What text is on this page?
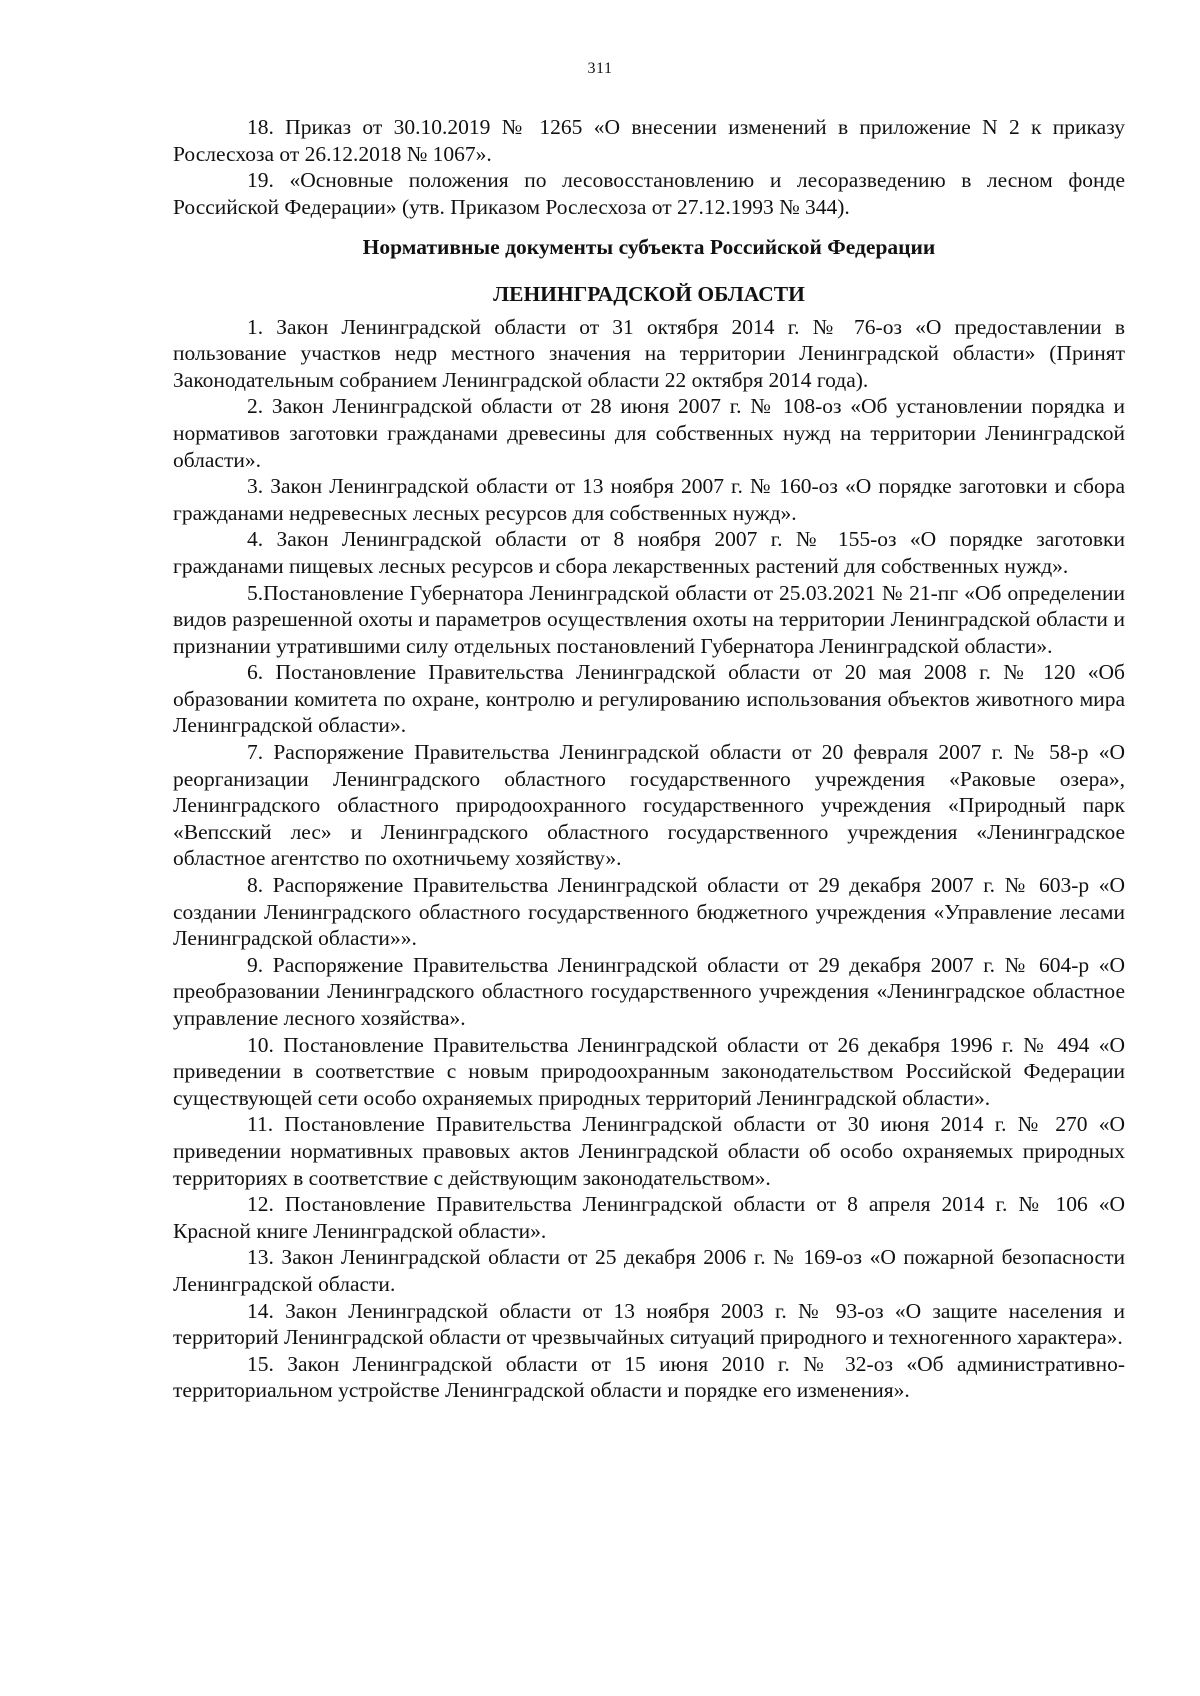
311

18. Приказ от 30.10.2019 № 1265 «О внесении изменений в приложение N 2 к приказу Рослесхоза от 26.12.2018 № 1067».

19. «Основные положения по лесовосстановлению и лесоразведению в лесном фонде Российской Федерации» (утв. Приказом Рослесхоза от 27.12.1993 № 344).

Нормативные документы субъекта Российской Федерации
ЛЕНИНГРАДСКОЙ ОБЛАСТИ

1. Закон Ленинградской области от 31 октября 2014 г. № 76-оз «О предоставлении в пользование участков недр местного значения на территории Ленинградской области» (Принят Законодательным собранием Ленинградской области 22 октября 2014 года).

2. Закон Ленинградской области от 28 июня 2007 г. № 108-оз «Об установлении порядка и нормативов заготовки гражданами древесины для собственных нужд на территории Ленинградской области».

3. Закон Ленинградской области от 13 ноября 2007 г. № 160-оз «О порядке заготовки и сбора гражданами недревесных лесных ресурсов для собственных нужд».

4. Закон Ленинградской области от 8 ноября 2007 г. № 155-оз «О порядке заготовки гражданами пищевых лесных ресурсов и сбора лекарственных растений для собственных нужд».

5.Постановление Губернатора Ленинградской области от 25.03.2021 № 21-пг «Об определении видов разрешенной охоты и параметров осуществления охоты на территории Ленинградской области и признании утратившими силу отдельных постановлений Губернатора Ленинградской области».

6. Постановление Правительства Ленинградской области от 20 мая 2008 г. № 120 «Об образовании комитета по охране, контролю и регулированию использования объектов животного мира Ленинградской области».

7. Распоряжение Правительства Ленинградской области от 20 февраля 2007 г. № 58-р «О реорганизации Ленинградского областного государственного учреждения «Раковые озера», Ленинградского областного природоохранного государственного учреждения «Природный парк «Вепсский лес» и Ленинградского областного государственного учреждения «Ленинградское областное агентство по охотничьему хозяйству».

8. Распоряжение Правительства Ленинградской области от 29 декабря 2007 г. № 603-р «О создании Ленинградского областного государственного бюджетного учреждения «Управление лесами Ленинградской области»».

9. Распоряжение Правительства Ленинградской области от 29 декабря 2007 г. № 604-р «О преобразовании Ленинградского областного государственного учреждения «Ленинградское областное управление лесного хозяйства».

10. Постановление Правительства Ленинградской области от 26 декабря 1996 г. № 494 «О приведении в соответствие с новым природоохранным законодательством Российской Федерации существующей сети особо охраняемых природных территорий Ленинградской области».

11. Постановление Правительства Ленинградской области от 30 июня 2014 г. № 270 «О приведении нормативных правовых актов Ленинградской области об особо охраняемых природных территориях в соответствие с действующим законодательством».

12. Постановление Правительства Ленинградской области от 8 апреля 2014 г. № 106 «О Красной книге Ленинградской области».

13. Закон Ленинградской области от 25 декабря 2006 г. № 169-оз «О пожарной безопасности Ленинградской области.

14. Закон Ленинградской области от 13 ноября 2003 г. № 93-оз «О защите населения и территорий Ленинградской области от чрезвычайных ситуаций природного и техногенного характера».

15. Закон Ленинградской области от 15 июня 2010 г. № 32-оз «Об административно-территориальном устройстве Ленинградской области и порядке его изменения».
